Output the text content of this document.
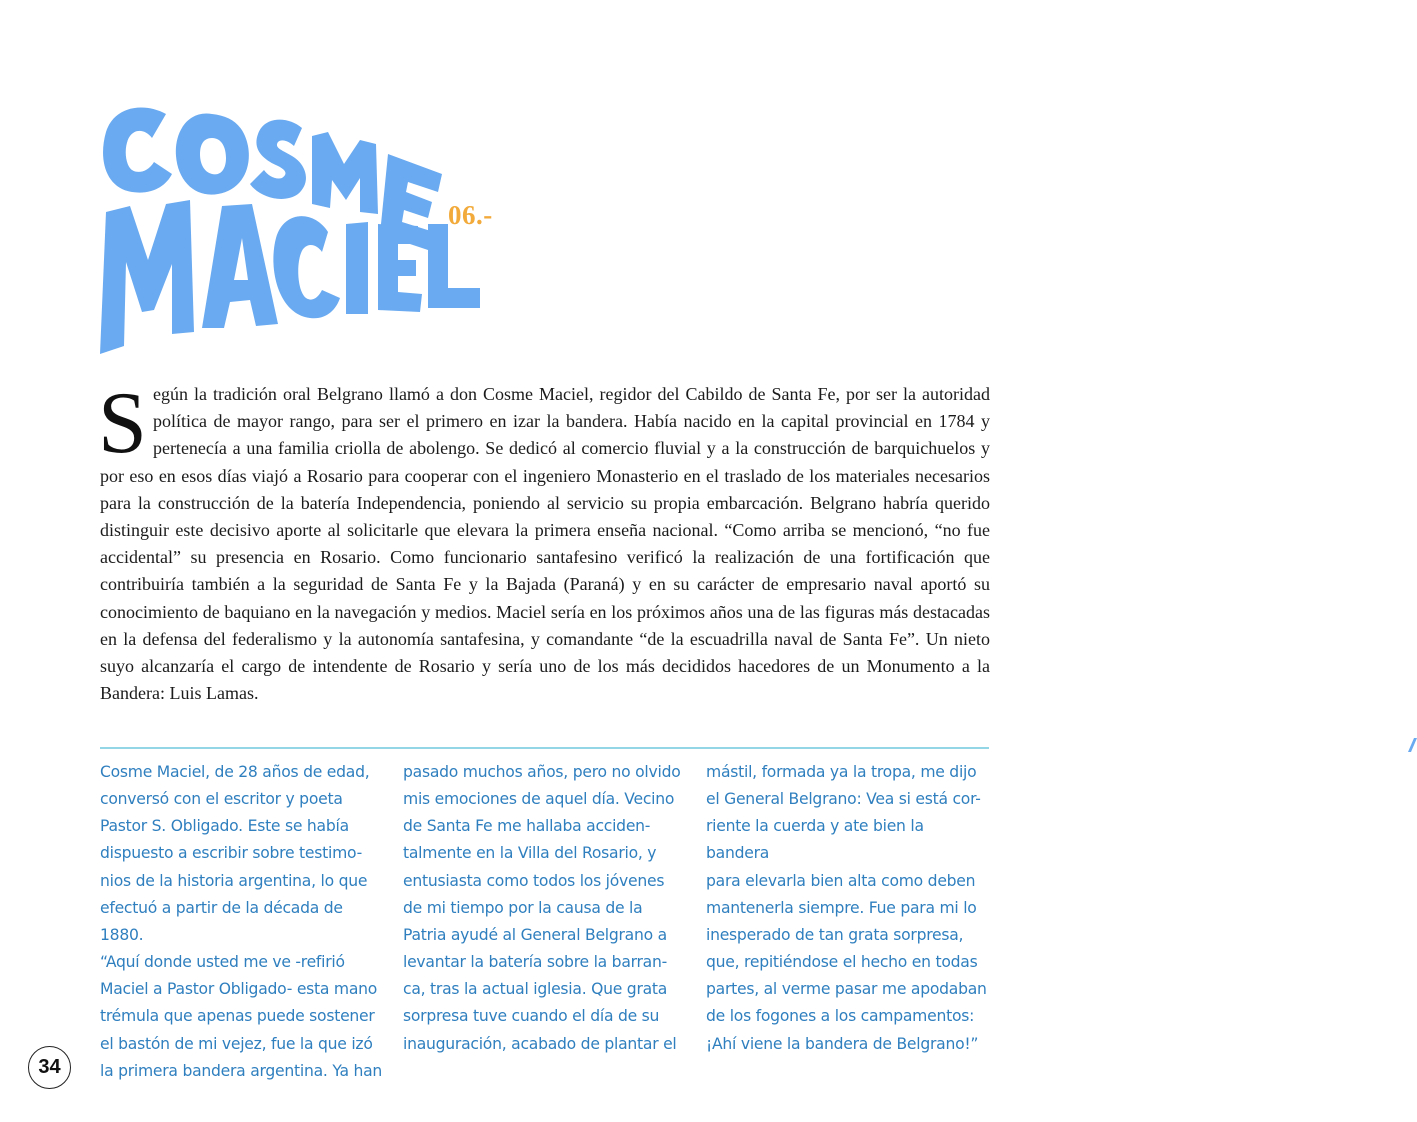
06.-

Según la tradición oral Belgrano llamó a don Cosme Maciel, regidor del Cabildo de Santa Fe, por ser la autoridad política de mayor rango, para ser el primero en izar la bandera. Había nacido en la capital provincial en 1784 y pertenecía a una familia criolla de abolengo. Se dedicó al comercio fluvial y a la construcción de barquichuelos y por eso en esos días viajó a Rosario para cooperar con el ingeniero Monasterio en el traslado de los materiales necesarios para la construcción de la batería Independencia, poniendo al servicio su propia embarcación. Belgrano habría querido distinguir este decisivo aporte al solicitarle que elevara la primera enseña nacional. “Como arriba se mencionó, “no fue accidental” su presencia en Rosario. Como funcionario santafesino verificó la realización de una fortificación que contribuiría también a la seguridad de Santa Fe y la Bajada (Paraná) y en su carácter de empresario naval aportó su conocimiento de baquiano en la navegación y medios. Maciel sería en los próximos años una de las figuras más destacadas en la defensa del federalismo y la autonomía santafesina, y comandante “de la escuadrilla naval de Santa Fe”. Un nieto suyo alcanzaría el cargo de intendente de Rosario y sería uno de los más decididos hacedores de un Monumento a la Bandera: Luis Lamas.

Cosme Maciel, de 28 años de edad,
conversó con el escritor y poeta
Pastor S. Obligado. Este se había
dispuesto a escribir sobre testimo-
nios de la historia argentina, lo que
efectuó a partir de la década de 1880.
“Aquí donde usted me ve -refirió
Maciel a Pastor Obligado- esta mano
trémula que apenas puede sostener
el bastón de mi vejez, fue la que izó
la primera bandera argentina. Ya han

pasado muchos años, pero no olvido
mis emociones de aquel día. Vecino
de Santa Fe me hallaba acciden-
talmente en la Villa del Rosario, y
entusiasta como todos los jóvenes
de mi tiempo por la causa de la
Patria ayudé al General Belgrano a
levantar la batería sobre la barran-
ca, tras la actual iglesia. Que grata
sorpresa tuve cuando el día de su
inauguración, acabado de plantar el

mástil, formada ya la tropa, me dijo
el General Belgrano: Vea si está cor-
riente la cuerda y ate bien la bandera
para elevarla bien alta como deben
mantenerla siempre. Fue para mi lo
inesperado de tan grata sorpresa,
que, repitiéndose el hecho en todas
partes, al verme pasar me apodaban
de los fogones a los campamentos:
¡Ahí viene la bandera de Belgrano!”

34
